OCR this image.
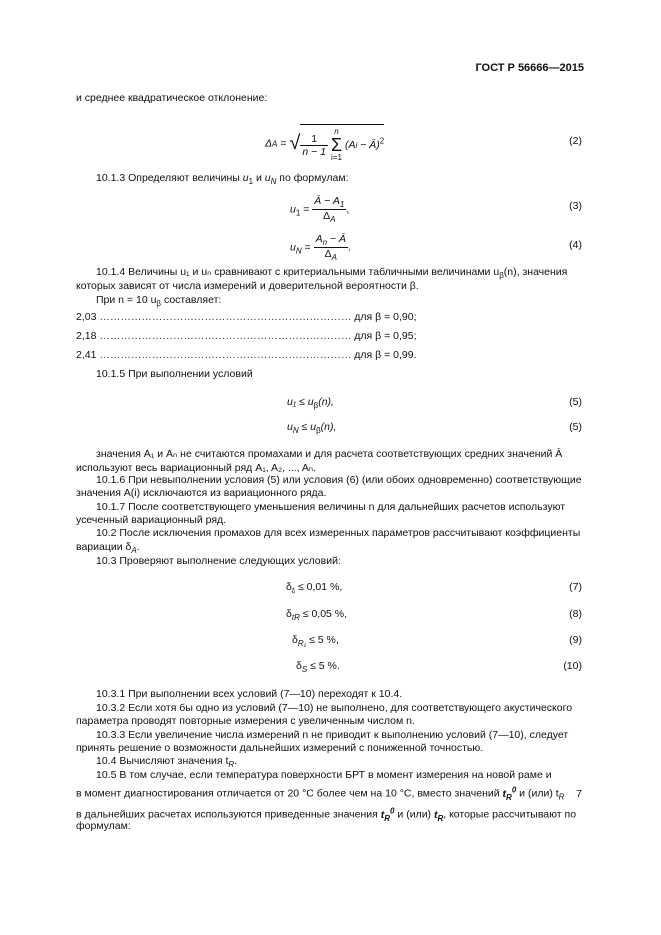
ГОСТ Р 56666—2015
и среднее квадратическое отклонение:
ΔA = √ $\frac{1}{n - 1}$

n
Σ
i=1
(Ai − Ā)$^2$	(2)
10.1.3 Определяют величины $u_1$ и $u_N$ по формулам:
$u_1 = \frac{Ā - A_1}{\Delta_A}$ ,	(3)
$u_N = \frac{A_n - Ā}{\Delta_A}$ .	(4)
10.1.4 Величины u₁ и uₙ сравнивают с критериальными табличными величинами $u_\beta(n)$, значения
которых зависят от числа измерений и доверительной вероятности β.
При n = 10 $u_\beta$ составляет:
2,03 ……………………………………………………………… для β = 0,90;
2,18 ……………………………………………………………… для β = 0,95;
2,41 ……………………………………………………………… для β = 0,99.
10.1.5 При выполнении условий
$u_1 \le u_\beta(n)$,	(5)
$u_N \le u_\beta(n)$,	(5)
значения A₁ и Aₙ не считаются промахами и для расчета соответствующих средних значений Ā
используют весь вариационный ряд A₁, A₂, ..., Aₙ.
10.1.6 При невыполнении условия (5) или условия (6) (или обоих одновременно) соответствующие
значения A(i) исключаются из вариационного ряда.
10.1.7 После соответствующего уменьшения величины n для дальнейших расчетов используют
усеченный вариационный ряд.
10.2 После исключения промахов для всех измеренных параметров рассчитывают коэффициенты
вариации $\delta_A$.
10.3 Проверяют выполнение следующих условий:
$\delta_{tᵢ} \le 0,01$ %,	(7)
$\delta_{tR} \le 0,05$ %,	(8)
$\delta_{R_1} \le 5$ %,	(9)
$\delta_S \le 5$ %.	(10)
10.3.1 При выполнении всех условий (7—10) переходят к 10.4.
10.3.2 Если хотя бы одно из условий (7—10) не выполнено, для соответствующего акустического
параметра проводят повторные измерения с увеличенным числом n.
10.3.3 Если увеличение числа измерений n не приводит к выполнению условий (7—10), следует
принять решение о возможности дальнейших измерений с пониженной точностью.
10.4 Вычисляют значения $t_R$.
10.5 В том случае, если температура поверхности БРТ в момент измерения на новой раме и
в момент диагностирования отличается от 20 °С более чем на 10 °С, вместо значений $t_R^0$ и (или) $t_R$
в дальнейших расчетах используются приведенные значения $t_R^0$ и (или) $t_R$, которые рассчитывают по
формулам:
7
